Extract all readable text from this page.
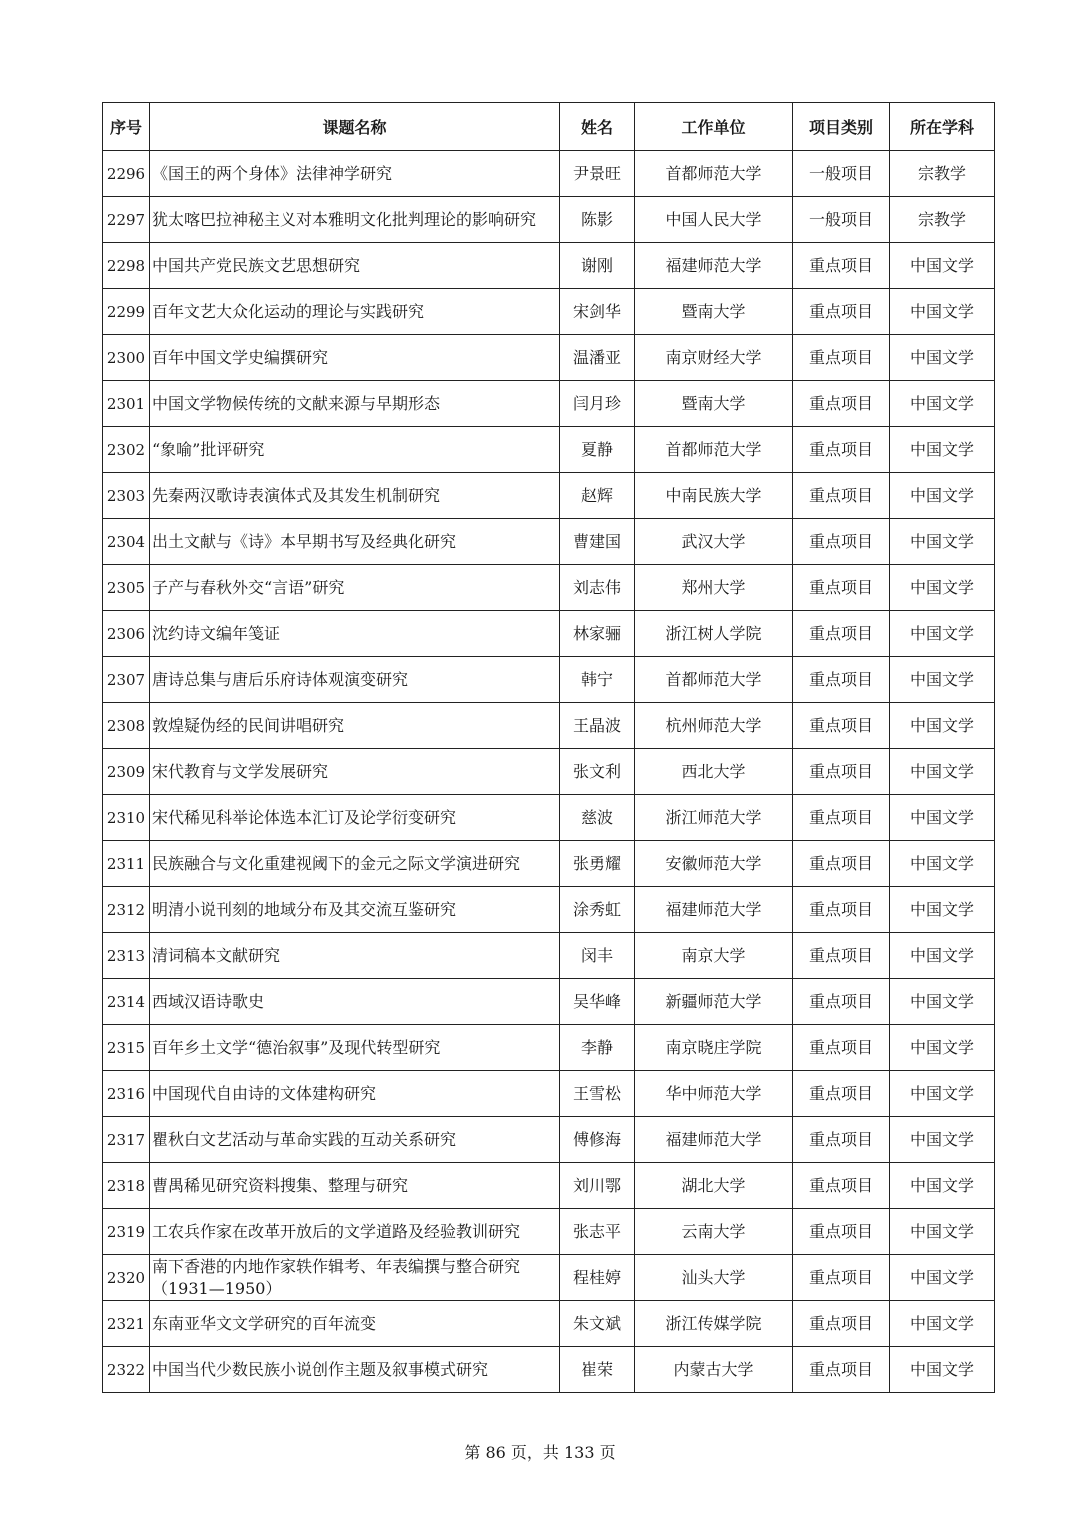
序号	课题名称	姓名	工作单位	项目类别	所在学科
2296	《国王的两个身体》法律神学研究	尹景旺	首都师范大学	一般项目	宗教学
2297	犹太喀巴拉神秘主义对本雅明文化批判理论的影响研究	陈影	中国人民大学	一般项目	宗教学
2298	中国共产党民族文艺思想研究	谢刚	福建师范大学	重点项目	中国文学
2299	百年文艺大众化运动的理论与实践研究	宋剑华	暨南大学	重点项目	中国文学
2300	百年中国文学史编撰研究	温潘亚	南京财经大学	重点项目	中国文学
2301	中国文学物候传统的文献来源与早期形态	闫月珍	暨南大学	重点项目	中国文学
2302	“象喻”批评研究	夏静	首都师范大学	重点项目	中国文学
2303	先秦两汉歌诗表演体式及其发生机制研究	赵辉	中南民族大学	重点项目	中国文学
2304	出土文献与《诗》本早期书写及经典化研究	曹建国	武汉大学	重点项目	中国文学
2305	子产与春秋外交“言语”研究	刘志伟	郑州大学	重点项目	中国文学
2306	沈约诗文编年笺证	林家骊	浙江树人学院	重点项目	中国文学
2307	唐诗总集与唐后乐府诗体观演变研究	韩宁	首都师范大学	重点项目	中国文学
2308	敦煌疑伪经的民间讲唱研究	王晶波	杭州师范大学	重点项目	中国文学
2309	宋代教育与文学发展研究	张文利	西北大学	重点项目	中国文学
2310	宋代稀见科举论体选本汇订及论学衍变研究	慈波	浙江师范大学	重点项目	中国文学
2311	民族融合与文化重建视阈下的金元之际文学演进研究	张勇耀	安徽师范大学	重点项目	中国文学
2312	明清小说刊刻的地域分布及其交流互鉴研究	涂秀虹	福建师范大学	重点项目	中国文学
2313	清词稿本文献研究	闵丰	南京大学	重点项目	中国文学
2314	西域汉语诗歌史	吴华峰	新疆师范大学	重点项目	中国文学
2315	百年乡土文学“德治叙事”及现代转型研究	李静	南京晓庄学院	重点项目	中国文学
2316	中国现代自由诗的文体建构研究	王雪松	华中师范大学	重点项目	中国文学
2317	瞿秋白文艺活动与革命实践的互动关系研究	傅修海	福建师范大学	重点项目	中国文学
2318	曹禺稀见研究资料搜集、整理与研究	刘川鄂	湖北大学	重点项目	中国文学
2319	工农兵作家在改革开放后的文学道路及经验教训研究	张志平	云南大学	重点项目	中国文学
2320	南下香港的内地作家轶作辑考、年表编撰与整合研究（1931—1950）	程桂婷	汕头大学	重点项目	中国文学
2321	东南亚华文文学研究的百年流变	朱文斌	浙江传媒学院	重点项目	中国文学
2322	中国当代少数民族小说创作主题及叙事模式研究	崔荣	内蒙古大学	重点项目	中国文学
第 86 页，共 133 页
